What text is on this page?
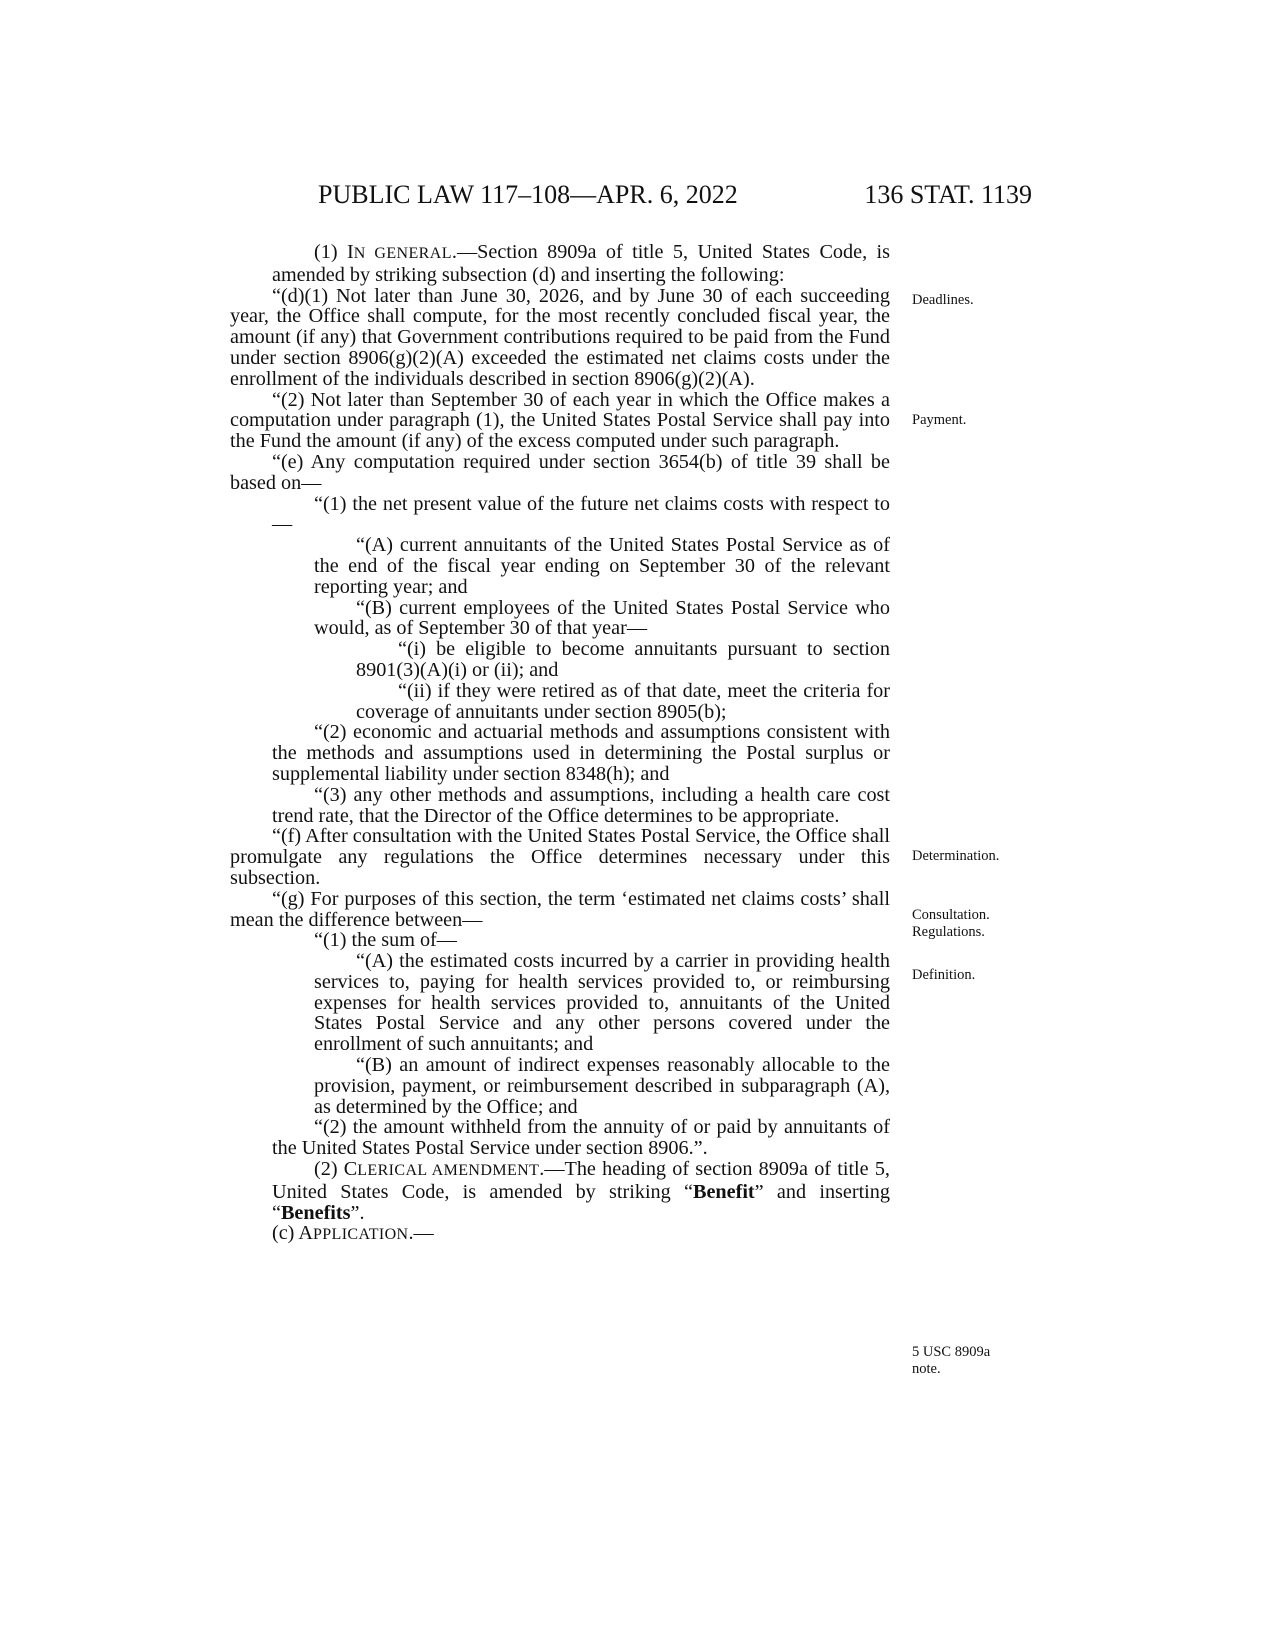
PUBLIC LAW 117–108—APR. 6, 2022	136 STAT. 1139

(1) IN GENERAL.—Section 8909a of title 5, United States Code, is amended by striking subsection (d) and inserting the following:

“(d)(1) Not later than June 30, 2026, and by June 30 of each succeeding year, the Office shall compute, for the most recently concluded fiscal year, the amount (if any) that Government contributions required to be paid from the Fund under section 8906(g)(2)(A) exceeded the estimated net claims costs under the enrollment of the individuals described in section 8906(g)(2)(A).

“(2) Not later than September 30 of each year in which the Office makes a computation under paragraph (1), the United States Postal Service shall pay into the Fund the amount (if any) of the excess computed under such paragraph.

“(e) Any computation required under section 3654(b) of title 39 shall be based on—

“(1) the net present value of the future net claims costs with respect to—

“(A) current annuitants of the United States Postal Service as of the end of the fiscal year ending on September 30 of the relevant reporting year; and

“(B) current employees of the United States Postal Service who would, as of September 30 of that year—

“(i) be eligible to become annuitants pursuant to section 8901(3)(A)(i) or (ii); and

“(ii) if they were retired as of that date, meet the criteria for coverage of annuitants under section 8905(b);

“(2) economic and actuarial methods and assumptions consistent with the methods and assumptions used in determining the Postal surplus or supplemental liability under section 8348(h); and

“(3) any other methods and assumptions, including a health care cost trend rate, that the Director of the Office determines to be appropriate.

“(f) After consultation with the United States Postal Service, the Office shall promulgate any regulations the Office determines necessary under this subsection.

“(g) For purposes of this section, the term ‘estimated net claims costs’ shall mean the difference between—

“(1) the sum of—

“(A) the estimated costs incurred by a carrier in providing health services to, paying for health services provided to, or reimbursing expenses for health services provided to, annuitants of the United States Postal Service and any other persons covered under the enrollment of such annuitants; and

“(B) an amount of indirect expenses reasonably allocable to the provision, payment, or reimbursement described in subparagraph (A), as determined by the Office; and

“(2) the amount withheld from the annuity of or paid by annuitants of the United States Postal Service under section 8906.”.

(2) CLERICAL AMENDMENT.—The heading of section 8909a of title 5, United States Code, is amended by striking “Benefit” and inserting “Benefits”.

(c) APPLICATION.—

Deadlines.
Payment.
Determination.
Consultation.
Regulations.
Definition.
5 USC 8909a
note.
